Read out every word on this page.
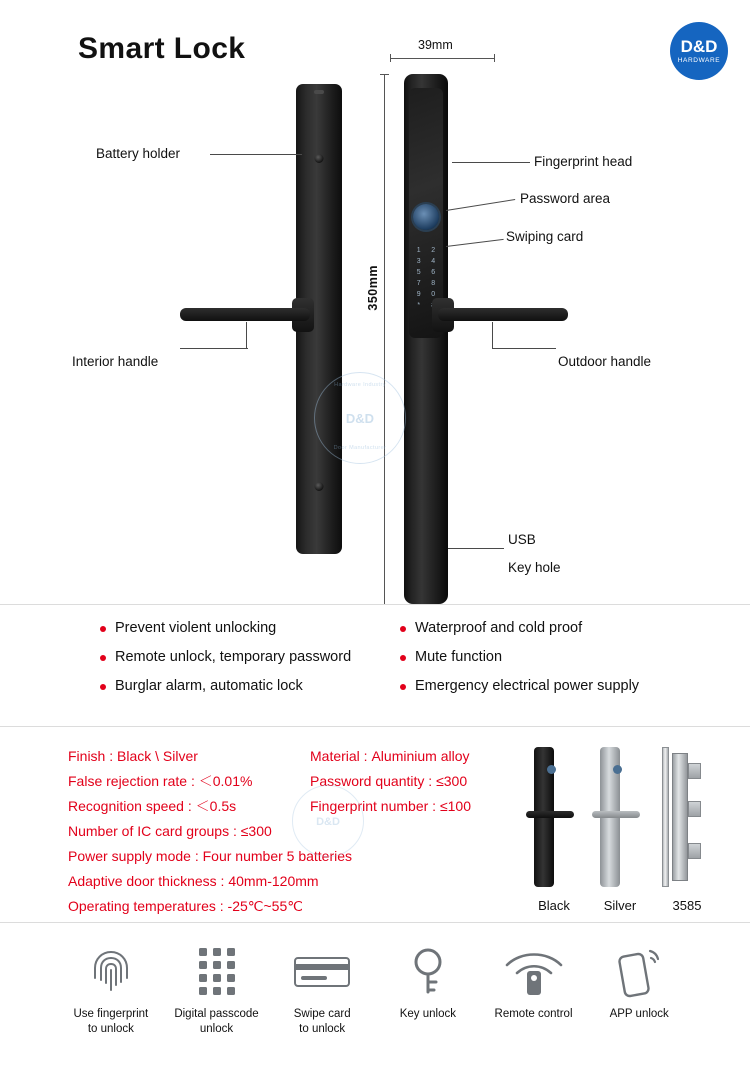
Smart Lock	D&D
HARDWARE
1	2
3	4
5	6
7	8
9	0
*
39mm
350mm
Battery holder
Interior handle
Fingerprint head
Password area
Swiping card
Outdoor handle
USB
Key hole
Hardware Industry
D&D
Door Manufacturer
Prevent violent unlocking	Waterproof and cold proof
Remote unlock, temporary password	Mute function
Burglar alarm, automatic lock	Emergency electrical power supply
Finish : Black \ Silver	Material : Aluminium alloy
False rejection rate : ＜0.01%	Password quantity : ≤300
Recognition speed : ＜0.5s	Fingerprint number : ≤100
Number of IC card groups : ≤300
Power supply mode : Four number 5 batteries
Adaptive door thickness : 40mm-120mm
Operating temperatures : -25℃~55℃
D&D
Black	Silver	3585
Use fingerprint
to unlock
Digital passcode
unlock
Swipe card
to unlock
Key unlock	Remote control	APP unlock
